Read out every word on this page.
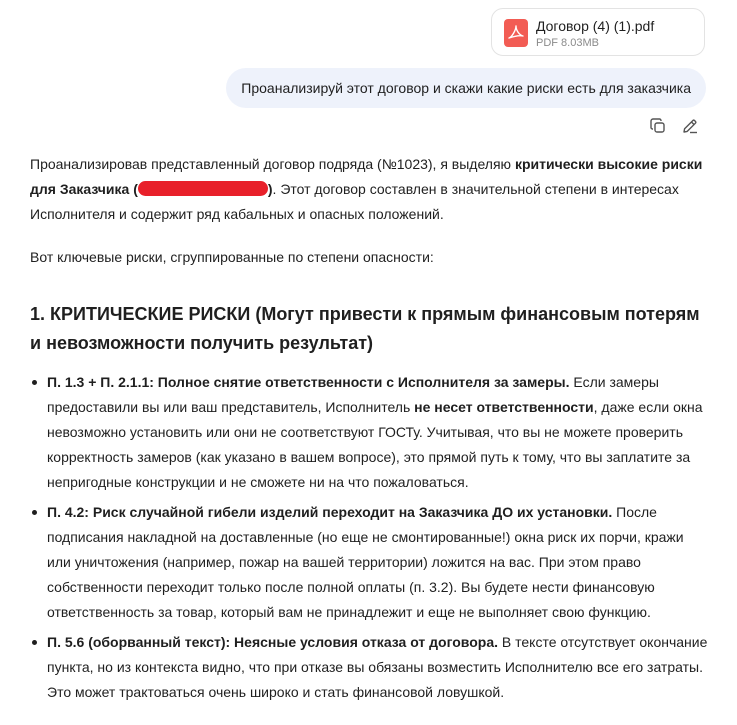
Договор (4) (1).pdf
PDF 8.03MB
Проанализируй этот договор и скажи какие риски есть для заказчика

Проанализировав представленный договор подряда (№1023), я выделяю критически высокие риски для Заказчика (	). Этот договор составлен в значительной степени в интересах Исполнителя и содержит ряд кабальных и опасных положений.

Вот ключевые риски, сгруппированные по степени опасности:

1. КРИТИЧЕСКИЕ РИСКИ (Могут привести к прямым финансовым потерям и невозможности получить результат)
П. 1.3 + П. 2.1.1: Полное снятие ответственности с Исполнителя за замеры. Если замеры предоставили вы или ваш представитель, Исполнитель не несет ответственности, даже если окна невозможно установить или они не соответствуют ГОСТу. Учитывая, что вы не можете проверить корректность замеров (как указано в вашем вопросе), это прямой путь к тому, что вы заплатите за непригодные конструкции и не сможете ни на что пожаловаться.
П. 4.2: Риск случайной гибели изделий переходит на Заказчика ДО их установки. После подписания накладной на доставленные (но еще не смонтированные!) окна риск их порчи, кражи или уничтожения (например, пожар на вашей территории) ложится на вас. При этом право собственности переходит только после полной оплаты (п. 3.2). Вы будете нести финансовую ответственность за товар, который вам не принадлежит и еще не выполняет свою функцию.
П. 5.6 (оборванный текст): Неясные условия отказа от договора. В тексте отсутствует окончание пункта, но из контекста видно, что при отказе вы обязаны возместить Исполнителю все его затраты. Это может трактоваться очень широко и стать финансовой ловушкой.
